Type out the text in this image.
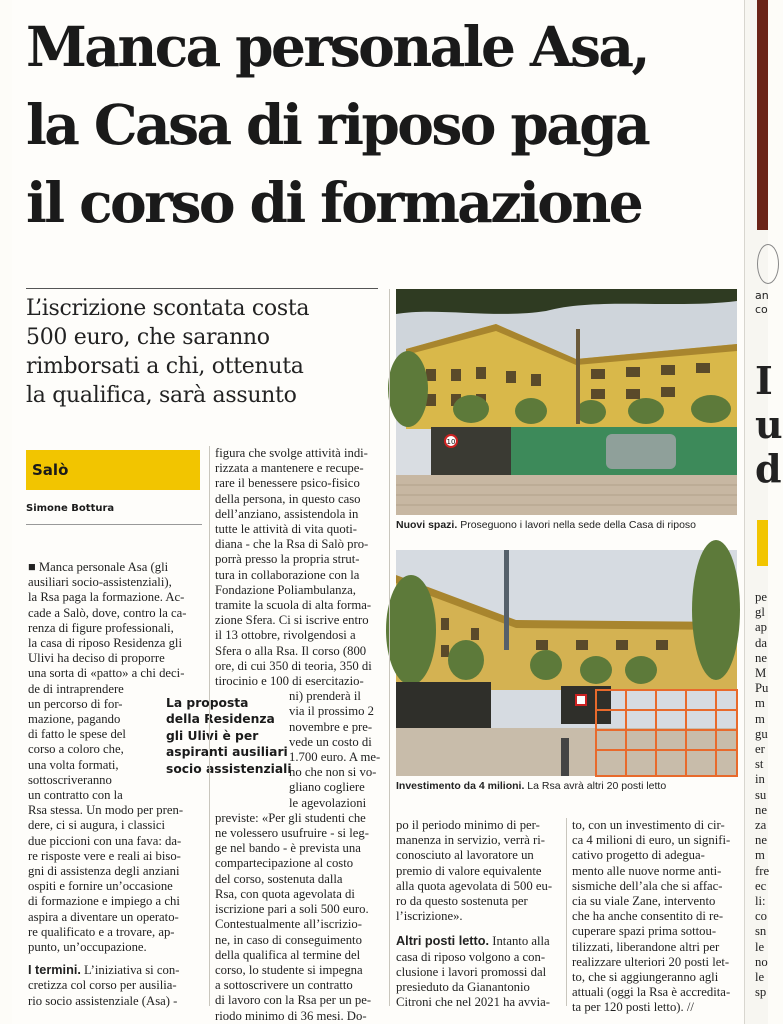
Manca personale Asa,
la Casa di riposo paga
il corso di formazione
L’iscrizione scontata costa
500 euro, che saranno
rimborsati a chi, ottenuta
la qualifica, sarà assunto
Salò
Simone Bottura
■ Manca personale Asa (gli
ausiliari socio-assistenziali),
la Rsa paga la formazione. Ac-
cade a Salò, dove, contro la ca-
renza di figure professionali,
la casa di riposo Residenza gli
Ulivi ha deciso di proporre
una sorta di «patto» a chi deci-
de di intraprendere
un percorso di for-
mazione, pagando
di fatto le spese del
corso a coloro che,
una volta formati,
sottoscriveranno
un contratto con la
Rsa stessa. Un modo per pren-
dere, ci si augura, i classici
due piccioni con una fava: da-
re risposte vere e reali ai biso-
gni di assistenza degli anziani
ospiti e fornire un’occasione
di formazione e impiego a chi
aspira a diventare un operato-
re qualificato e a trovare, ap-
punto, un’occupazione.
I termini. L’iniziativa si con-
cretizza col corso per ausilia-
rio socio assistenziale (Asa) -
La proposta
della Residenza
gli Ulivi è per
aspiranti ausiliari
socio assistenziali
figura che svolge attività indi-
rizzata a mantenere e recupe-
rare il benessere psico-fisico
della persona, in questo caso
dell’anziano, assistendola in
tutte le attività di vita quoti-
diana - che la Rsa di Salò pro-
porrà presso la propria strut-
tura in collaborazione con la
Fondazione Poliambulanza,
tramite la scuola di alta forma-
zione Sfera. Ci si iscrive entro
il 13 ottobre, rivolgendosi a
Sfera o alla Rsa. Il corso (800
ore, di cui 350 di teoria, 350 di
tirocinio e 100 di esercitazio-
ni) prenderà il
via il prossimo 2
novembre e pre-
vede un costo di
1.700 euro. A me-
no che non si vo-
gliano cogliere
le agevolazioni
previste: «Per gli studenti che
ne volessero usufruire - si leg-
ge nel bando - è prevista una
compartecipazione al costo
del corso, sostenuta dalla
Rsa, con quota agevolata di
iscrizione pari a soli 500 euro.
Contestualmente all’iscrizio-
ne, in caso di conseguimento
della qualifica al termine del
corso, lo studente si impegna
a sottoscrivere un contratto
di lavoro con la Rsa per un pe-
riodo minimo di 36 mesi. Do-
10
Nuovi spazi. Proseguono i lavori nella sede della Casa di riposo
Investimento da 4 milioni. La Rsa avrà altri 20 posti letto
po il periodo minimo di per-
manenza in servizio, verrà ri-
conosciuto al lavoratore un
premio di valore equivalente
alla quota agevolata di 500 eu-
ro da questo sostenuta per
l’iscrizione».
Altri posti letto. Intanto alla
casa di riposo volgono a con-
clusione i lavori promossi dal
presieduto da Gianantonio
Citroni che nel 2021 ha avvia-
to, con un investimento di cir-
ca 4 milioni di euro, un signifi-
cativo progetto di adegua-
mento alle nuove norme anti-
sismiche dell’ala che si affac-
cia su viale Zane, intervento
che ha anche consentito di re-
cuperare spazi prima sottou-
tilizzati, liberandone altri per
realizzare ulteriori 20 posti let-
to, che si aggiungeranno agli
attuali (oggi la Rsa è accredita-
ta per 120 posti letto). //
an
co
I
u
d
pe
gl
ap
da
ne
M
Pu
m
m
gu
er
st
in
su
ne
za
ne
m
fre
ec
li:
co
sn
le
no
le
sp
